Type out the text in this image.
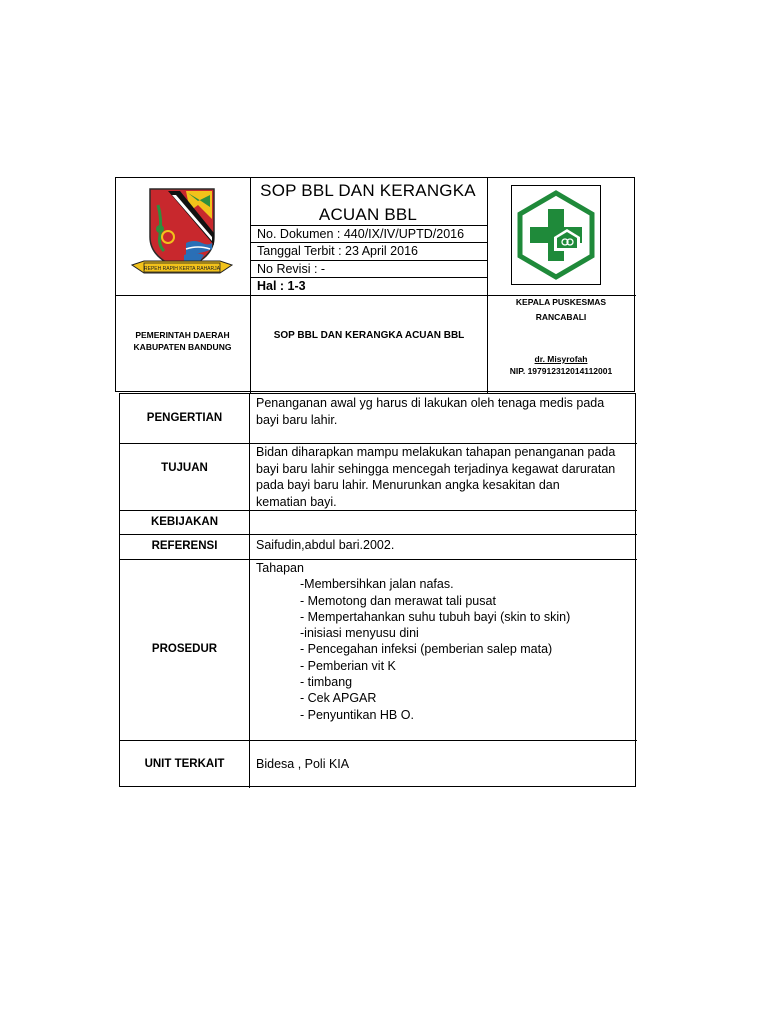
REPEH RAPIH KERTA RAHARJA
SOP BBL DAN KERANGKA
ACUAN BBL
No. Dokumen : 440/IX/IV/UPTD/2016
Tanggal Terbit : 23 April 2016
No Revisi : -
Hal : 1-3
PEMERINTAH DAERAH
KABUPATEN BANDUNG
SOP BBL DAN KERANGKA ACUAN BBL
KEPALA PUSKESMAS
RANCABALI
dr. Misyrofah
NIP. 197912312014112001
PENGERTIAN
Penanganan awal yg harus di lakukan oleh tenaga medis pada
bayi baru lahir.
TUJUAN
Bidan diharapkan mampu melakukan tahapan penanganan pada
bayi baru lahir sehingga mencegah terjadinya kegawat daruratan
pada bayi baru lahir. Menurunkan angka kesakitan dan
kematian bayi.
KEBIJAKAN
REFERENSI	Saifudin,abdul bari.2002.
PROSEDUR
Tahapan
-Membersihkan jalan nafas.
- Memotong dan merawat tali pusat
- Mempertahankan suhu tubuh bayi (skin to skin)
-inisiasi menyusu dini
- Pencegahan infeksi (pemberian salep mata)
- Pemberian vit K
- timbang
- Cek APGAR
- Penyuntikan HB O.
UNIT TERKAIT	Bidesa , Poli KIA
